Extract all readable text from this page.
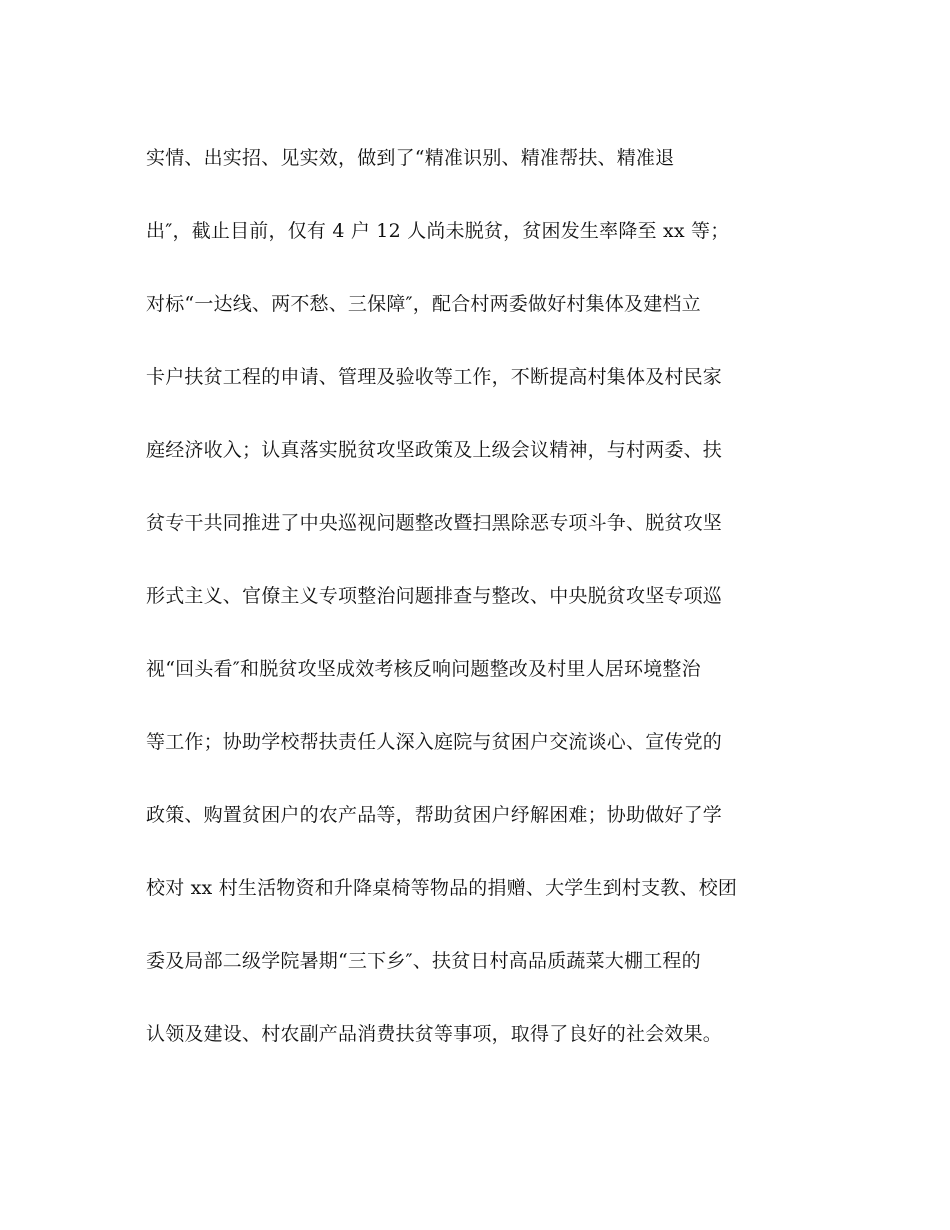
实情、出实招、见实效，做到了“精准识别、精准帮扶、精准退
出″，截止目前，仅有 4 户 12 人尚未脱贫，贫困发生率降至 xx 等；
对标“一达线、两不愁、三保障″，配合村两委做好村集体及建档立
卡户扶贫工程的申请、管理及验收等工作，不断提高村集体及村民家
庭经济收入；认真落实脱贫攻坚政策及上级会议精神，与村两委、扶
贫专干共同推进了中央巡视问题整改暨扫黑除恶专项斗争、脱贫攻坚
形式主义、官僚主义专项整治问题排查与整改、中央脱贫攻坚专项巡
视“回头看″和脱贫攻坚成效考核反响问题整改及村里人居环境整治
等工作；协助学校帮扶责任人深入庭院与贫困户交流谈心、宣传党的
政策、购置贫困户的农产品等，帮助贫困户纾解困难；协助做好了学
校对 xx 村生活物资和升降桌椅等物品的捐赠、大学生到村支教、校团
委及局部二级学院暑期“三下乡″、扶贫日村高品质蔬菜大棚工程的
认领及建设、村农副产品消费扶贫等事项，取得了良好的社会效果。
